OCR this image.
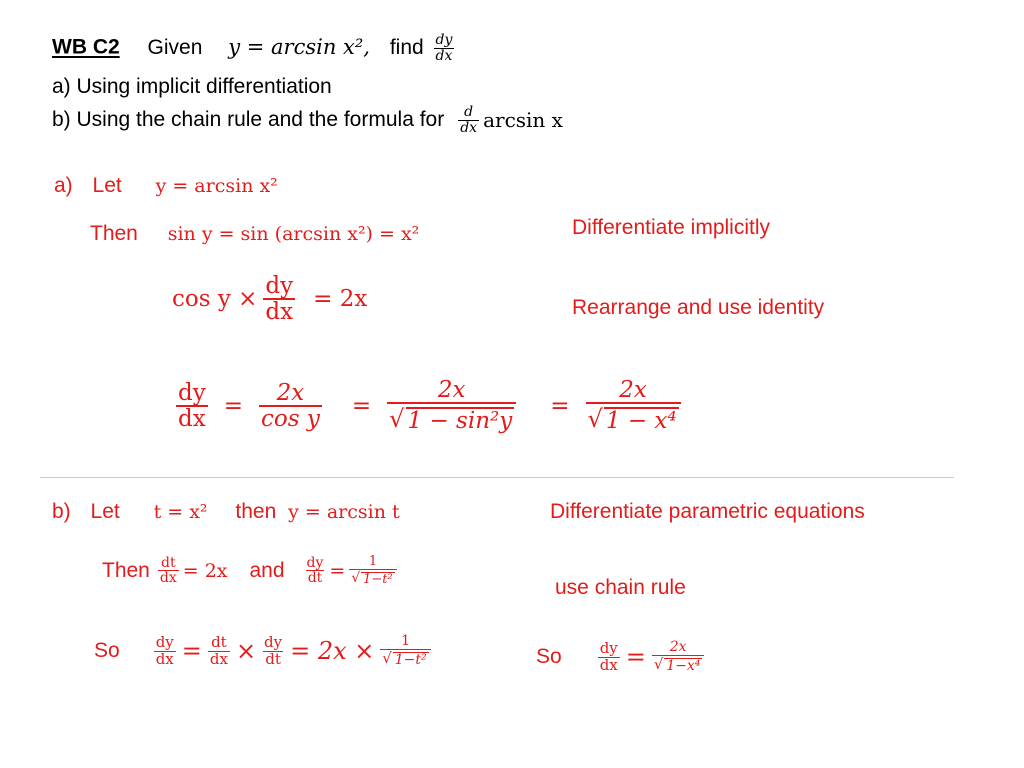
WB C2 Given y = arcsin x², find $\frac{dy}{dx}$
a) Using implicit differentiation
b) Using the chain rule and the formula for $\frac{d}{dx}$ arcsin x
a) Let y = arcsin x²
Then sin y = sin (arcsin x²) = x²	Differentiate implicitly
$\cos y \times \frac{dy}{dx} = 2x$	Rearrange and use identity
$\frac{dy}{dx} = \frac{2x}{\text{cos y}} = \frac{2x}{\text{√ 1 − sin²y}} = \frac{2x}{\text{√ 1 − x⁴}}$
b) Let t = x² then y = arcsin t	Differentiate parametric equations
Then $\frac{dt}{dx} = 2x$ and $\frac{dy}{dt} = \frac{1}{\text{√ 1−t²}}$
use chain rule
So $\frac{dy}{dx} = \frac{dt}{dx} \times \frac{dy}{dt} = 2x \times \frac{1}{\text{√ 1−t²}}$	So $\frac{dy}{dx} = \frac{2x}{\text{√ 1−x⁴}}$
